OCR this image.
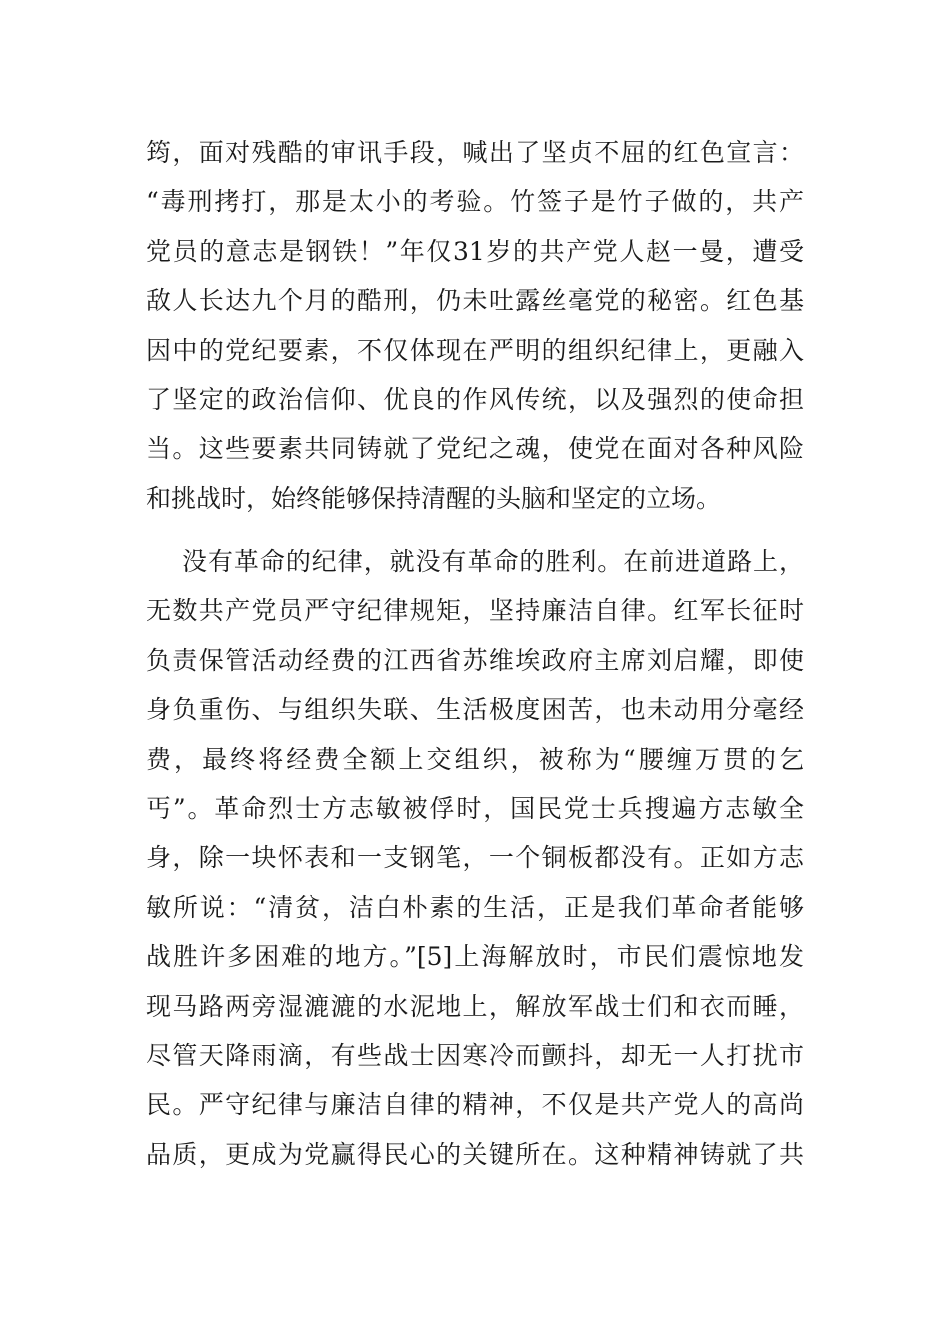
筠，面对残酷的审讯手段，喊出了坚贞不屈的红色宣言：
“毒刑拷打，那是太小的考验。竹签子是竹子做的，共产
党员的意志是钢铁！”年仅31岁的共产党人赵一曼，遭受
敌人长达九个月的酷刑，仍未吐露丝毫党的秘密。红色基
因中的党纪要素，不仅体现在严明的组织纪律上，更融入
了坚定的政治信仰、优良的作风传统，以及强烈的使命担
当。这些要素共同铸就了党纪之魂，使党在面对各种风险
和挑战时，始终能够保持清醒的头脑和坚定的立场。
没有革命的纪律，就没有革命的胜利。在前进道路上，
无数共产党员严守纪律规矩，坚持廉洁自律。红军长征时
负责保管活动经费的江西省苏维埃政府主席刘启耀，即使
身负重伤、与组织失联、生活极度困苦，也未动用分毫经
费，最终将经费全额上交组织，被称为“腰缠万贯的乞
丐”。革命烈士方志敏被俘时，国民党士兵搜遍方志敏全
身，除一块怀表和一支钢笔，一个铜板都没有。正如方志
敏所说：“清贫，洁白朴素的生活，正是我们革命者能够
战胜许多困难的地方。”[5]上海解放时，市民们震惊地发
现马路两旁湿漉漉的水泥地上，解放军战士们和衣而睡，
尽管天降雨滴，有些战士因寒冷而颤抖，却无一人打扰市
民。严守纪律与廉洁自律的精神，不仅是共产党人的高尚
品质，更成为党赢得民心的关键所在。这种精神铸就了共
